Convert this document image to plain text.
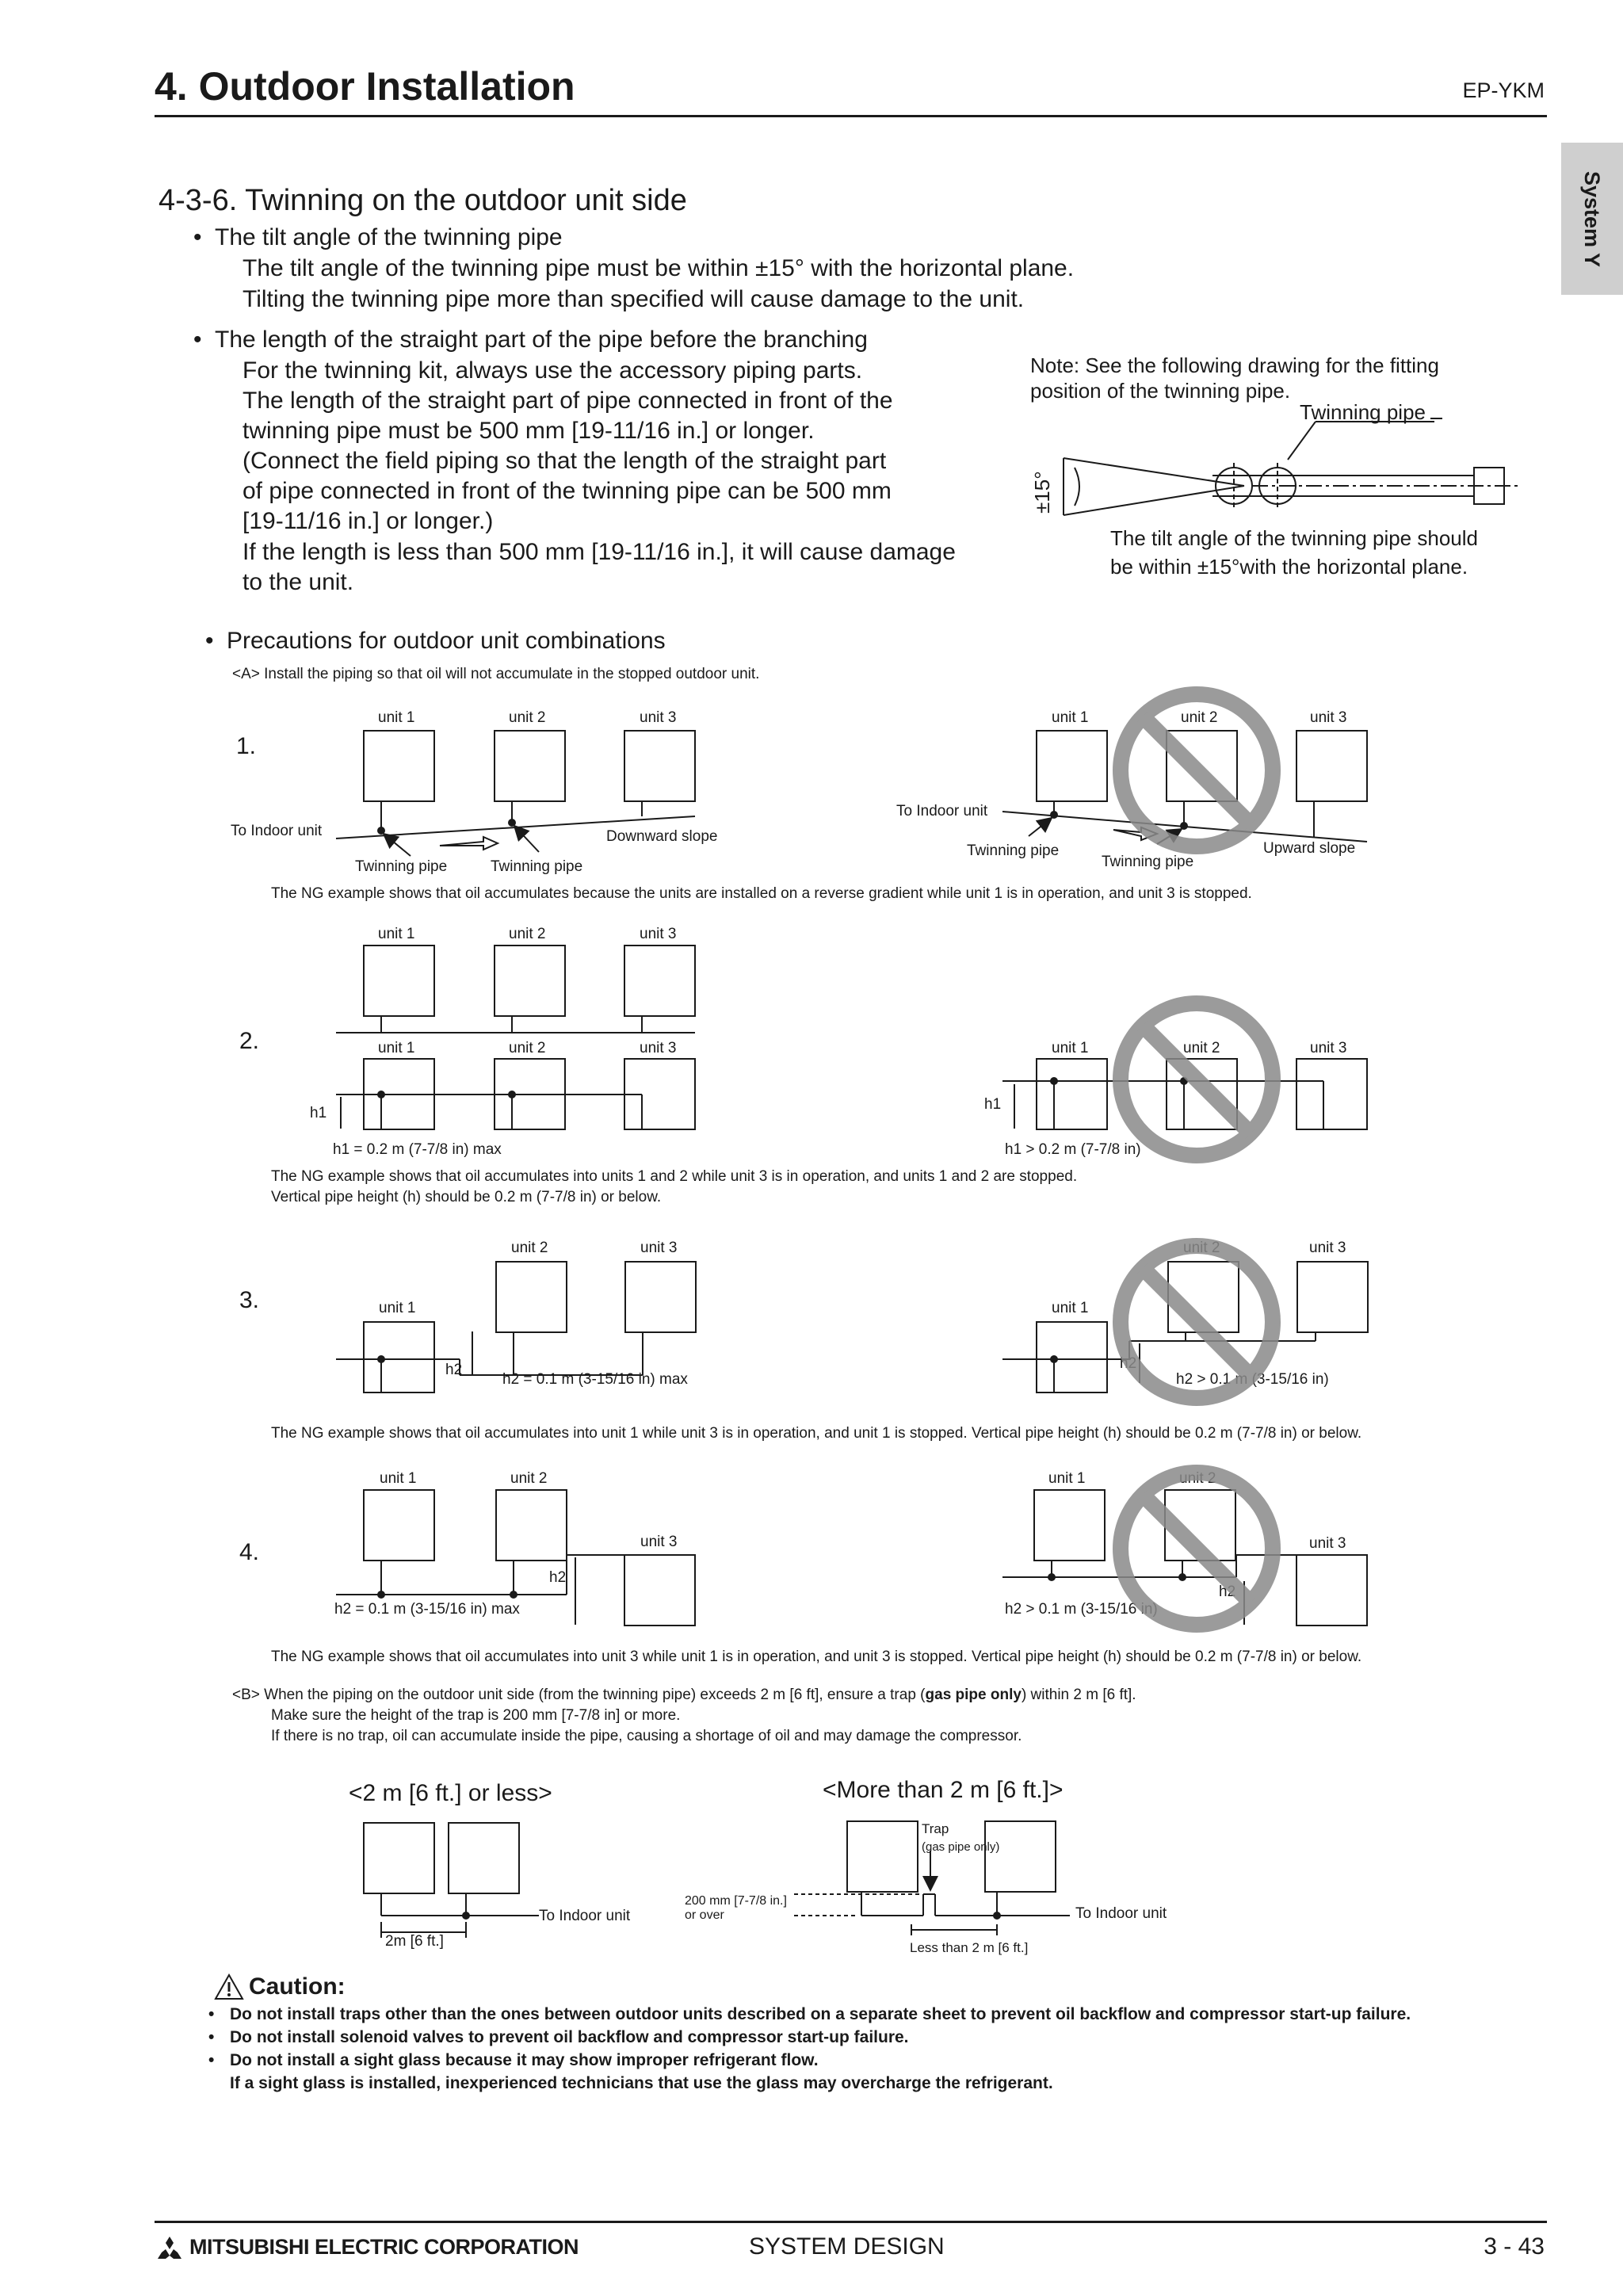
4. Outdoor Installation	EP-YKM
System Y
4-3-6. Twinning on the outdoor unit side
• The tilt angle of the twinning pipe
The tilt angle of the twinning pipe must be within ±15° with the horizontal plane.
Tilting the twinning pipe more than specified will cause damage to the unit.
• The length of the straight part of the pipe before the branching
For the twinning kit, always use the accessory piping parts.
The length of the straight part of pipe connected in front of the
twinning pipe must be 500 mm [19-11/16 in.] or longer.
(Connect the field piping so that the length of the straight part
of pipe connected in front of the twinning pipe can be 500 mm
[19-11/16 in.] or longer.)
If the length is less than 500 mm [19-11/16 in.], it will cause damage
to the unit.
Note: See the following drawing for the fitting
position of the twinning pipe.
Twinning pipe
±15°
The tilt angle of the twinning pipe should
be within ±15°with the horizontal plane.
• Precautions for outdoor unit combinations
<A> Install the piping so that oil will not accumulate in the stopped outdoor unit.
1.
unit 1	unit 2	unit 3
To Indoor unit
Twinning pipe	Twinning pipe
Downward slope
unit 1	unit 2	unit 3
To Indoor unit
Twinning pipe
Twinning pipe
Upward slope
The NG example shows that oil accumulates because the units are installed on a reverse gradient while unit 1 is in operation, and unit 3 is stopped.
unit 1	unit 2	unit 3
2.	unit 1	unit 2	unit 3
h1
h1 = 0.2 m (7-7/8 in) max
unit 1	unit 2	unit 3
h1
h1 > 0.2 m (7-7/8 in)
The NG example shows that oil accumulates into units 1 and 2 while unit 3 is in operation, and units 1 and 2 are stopped.
Vertical pipe height (h) should be 0.2 m (7-7/8 in) or below.
unit 2	unit 3
3.	unit 1
h2
h2 = 0.1 m (3-15/16 in) max
unit 2	unit 3
unit 1
h2
h2 > 0.1 m (3-15/16 in)
The NG example shows that oil accumulates into unit 1 while unit 3 is in operation, and unit 1 is stopped. Vertical pipe height (h) should be 0.2 m (7-7/8 in) or below.
unit 1	unit 2
unit 3
4.
h2
h2 = 0.1 m (3-15/16 in) max
unit 1	unit 2
unit 3
h2
h2 > 0.1 m (3-15/16 in)
The NG example shows that oil accumulates into unit 3 while unit 1 is in operation, and unit 3 is stopped. Vertical pipe height (h) should be 0.2 m (7-7/8 in) or below.
<B> When the piping on the outdoor unit side (from the twinning pipe) exceeds 2 m [6 ft], ensure a trap (gas pipe only) within 2 m [6 ft].
Make sure the height of the trap is 200 mm [7-7/8 in] or more.
If there is no trap, oil can accumulate inside the pipe, causing a shortage of oil and may damage the compressor.
<2 m [6 ft.] or less>	<More than 2 m [6 ft.]>
To Indoor unit
2m [6 ft.]
Trap
(gas pipe only)
200 mm [7-7/8 in.]
or over	To Indoor unit
Less than 2 m [6 ft.]
Caution:
• Do not install traps other than the ones between outdoor units described on a separate sheet to prevent oil backflow and compressor start-up failure.
• Do not install solenoid valves to prevent oil backflow and compressor start-up failure.
• Do not install a sight glass because it may show improper refrigerant flow.
If a sight glass is installed, inexperienced technicians that use the glass may overcharge the refrigerant.
MITSUBISHI ELECTRIC CORPORATION	SYSTEM DESIGN	3 - 43
